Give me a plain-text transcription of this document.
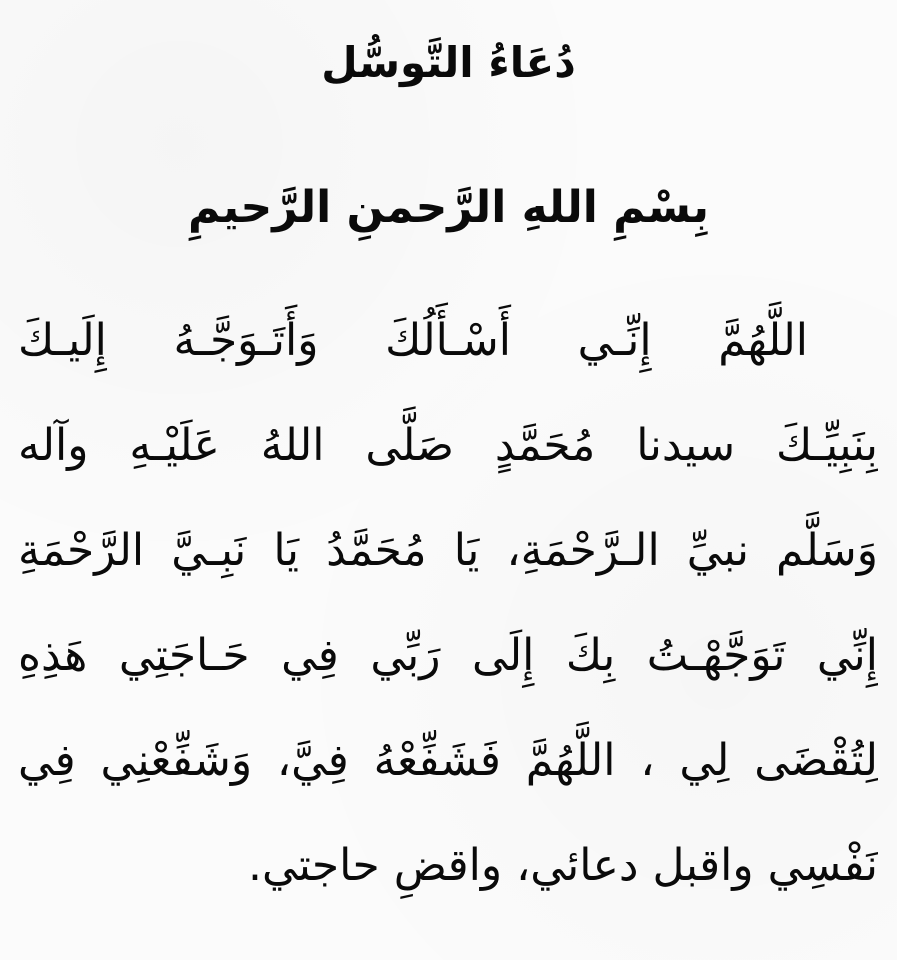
دُعَاءُ التَّوسُّل
بِسْمِ اللهِ الرَّحمنِ الرَّحيمِ
اللَّهُمَّ إِنِّـي أَسْـأَلُكَ وَأَتَـوَجَّـهُ إِلَيـكَ
بِنَبِيِّـكَ سيدنا مُحَمَّدٍ صَلَّى اللهُ عَلَيْـهِ وآله
وَسَلَّم نبيِّ الـرَّحْمَةِ، يَا مُحَمَّدُ يَا نَبِـيَّ الرَّحْمَةِ
إِنِّي تَوَجَّهْـتُ بِكَ إِلَى رَبِّي فِي حَـاجَتِي هَذِهِ
لِتُقْضَى لِي ، اللَّهُمَّ فَشَفِّعْهُ فِيَّ، وَشَفِّعْنِي فِي
نَفْسِي واقبل دعائي، واقضِ حاجتي.
